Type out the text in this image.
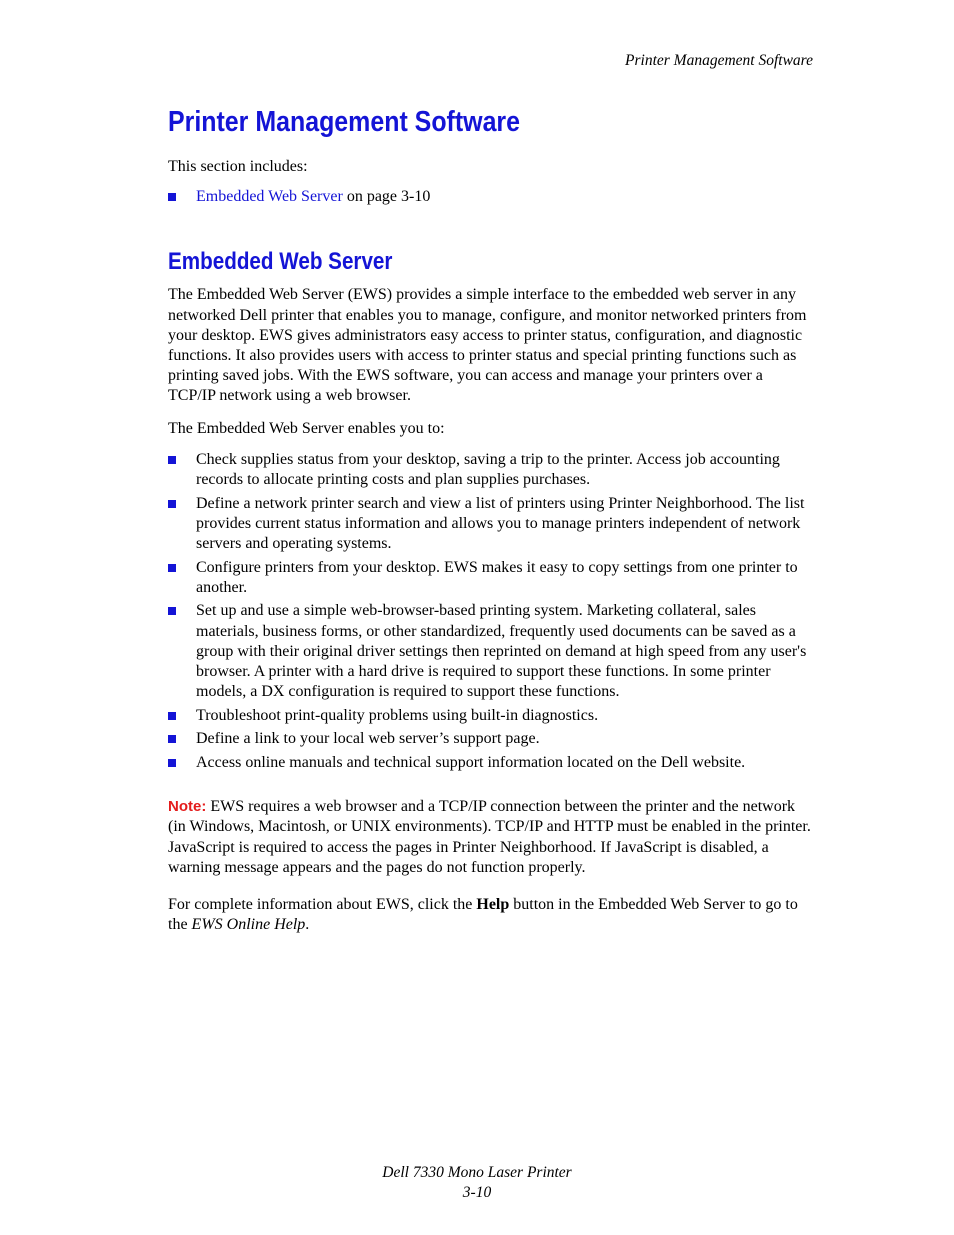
Printer Management Software
Printer Management Software

This section includes:

Embedded Web Server on page 3-10
Embedded Web Server

The Embedded Web Server (EWS) provides a simple interface to the embedded web server in any networked Dell printer that enables you to manage, configure, and monitor networked printers from your desktop. EWS gives administrators easy access to printer status, configuration, and diagnostic functions. It also provides users with access to printer status and special printing functions such as printing saved jobs. With the EWS software, you can access and manage your printers over a TCP/IP network using a web browser.

The Embedded Web Server enables you to:

Check supplies status from your desktop, saving a trip to the printer. Access job accounting records to allocate printing costs and plan supplies purchases.
Define a network printer search and view a list of printers using Printer Neighborhood. The list provides current status information and allows you to manage printers independent of network servers and operating systems.
Configure printers from your desktop. EWS makes it easy to copy settings from one printer to another.
Set up and use a simple web-browser-based printing system. Marketing collateral, sales materials, business forms, or other standardized, frequently used documents can be saved as a group with their original driver settings then reprinted on demand at high speed from any user's browser. A printer with a hard drive is required to support these functions. In some printer models, a DX configuration is required to support these functions.
Troubleshoot print-quality problems using built-in diagnostics.
Define a link to your local web server’s support page.
Access online manuals and technical support information located on the Dell website.

Note: EWS requires a web browser and a TCP/IP connection between the printer and the network (in Windows, Macintosh, or UNIX environments). TCP/IP and HTTP must be enabled in the printer. JavaScript is required to access the pages in Printer Neighborhood. If JavaScript is disabled, a warning message appears and the pages do not function properly.

For complete information about EWS, click the Help button in the Embedded Web Server to go to the EWS Online Help.

Dell 7330 Mono Laser Printer
3-10
